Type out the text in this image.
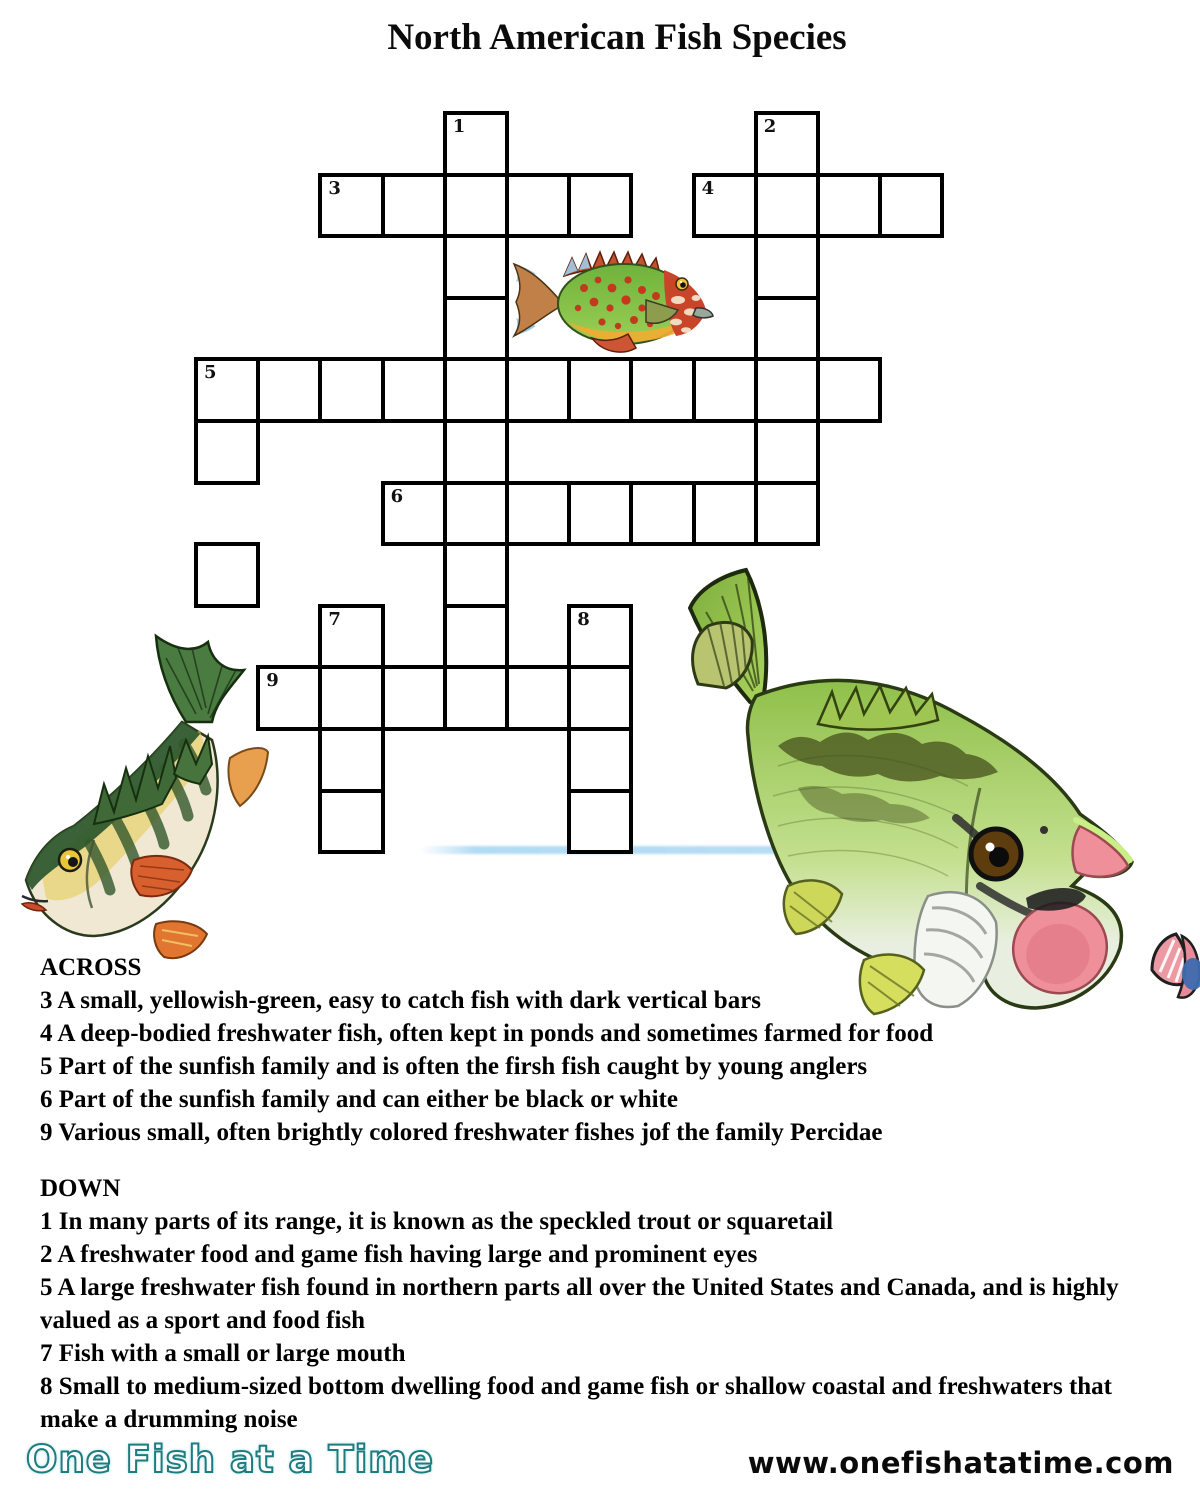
North American Fish Species
1	2
3	4
5
6
7	8
9
ACROSS
3 A small, yellowish-green, easy to catch fish with dark vertical bars
4 A deep-bodied freshwater fish, often kept in ponds and sometimes farmed for food
5 Part of the sunfish family and is often the firsh fish caught by young anglers
6 Part of the sunfish family and can either be black or white
9 Various small, often brightly colored freshwater fishes jof the family Percidae
DOWN
1 In many parts of its range, it is known as the speckled trout or squaretail
2 A freshwater food and game fish having large and prominent eyes
5 A large freshwater fish found in northern parts all over the United States and Canada, and is highly valued as a sport and food fish
7 Fish with a small or large mouth
8 Small to medium-sized bottom dwelling food and game fish or shallow coastal and freshwaters that make a drumming noise
One Fish at a Time	www.onefishatatime.com
